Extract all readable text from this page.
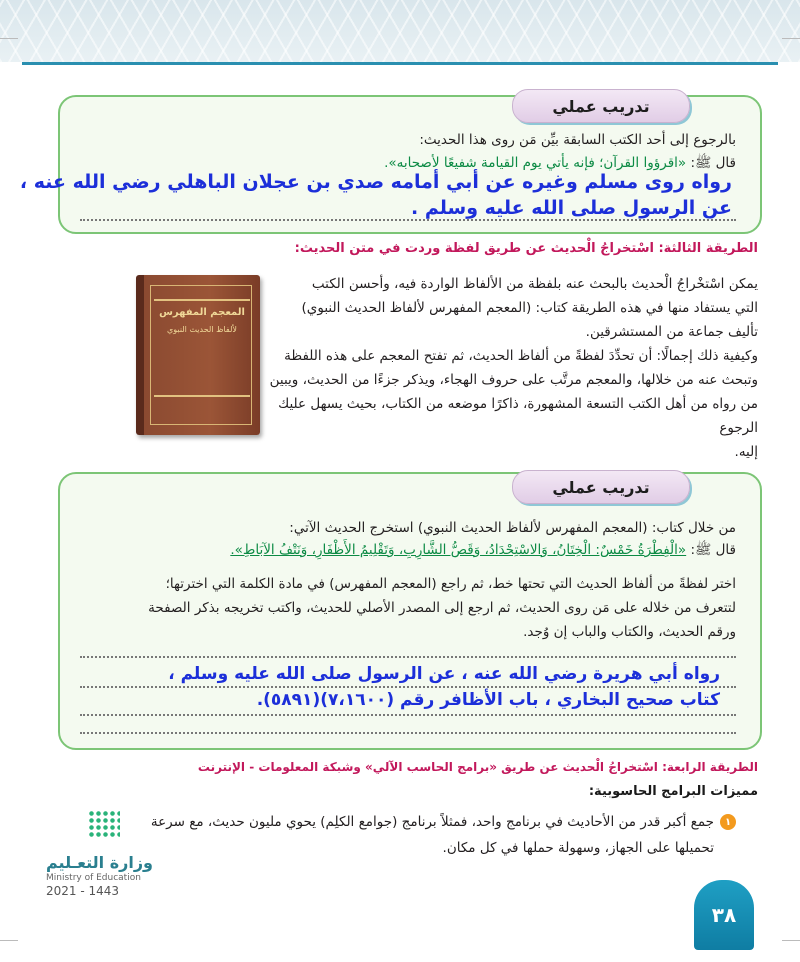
تدريب عملي
بالرجوع إلى أحد الكتب السابقة بيِّن مَن روى هذا الحديث:
قال ﷺ: «اقرؤوا القرآن؛ فإنه يأتي يوم القيامة شفيعًا لأصحابه».
رواه روى مسلم وغيره عن أبي أمامه صدي بن عجلان الباهلي رضي الله عنه ،
عن الرسول صلى الله عليه وسلم .
الطريقة الثالثة: اسْتخراجُ الْحديث عن طريق لفظة وردت في متن الحديث:
يمكن اسْتخْراجُ الْحديث بالبحث عنه بلفظة من الألفاظ الواردة فيه، وأحسن الكتب
التي يستفاد منها في هذه الطريقة كتاب: (المعجم المفهرس لألفاظ الحديث النبوي)
تأليف جماعة من المستشرقين.
وكيفية ذلك إجمالًا: أن تحدِّدَ لفظةً من ألفاظ الحديث، ثم تفتح المعجم على هذه اللفظة
وتبحث عنه من خلالها، والمعجم مرتَّب على حروف الهجاء، ويذكر جزءًا من الحديث، ويبين
من رواه من أهل الكتب التسعة المشهورة، ذاكرًا موضعه من الكتاب، بحيث يسهل عليك الرجوع
إليه.
المعجم المفهرس
لألفاظ الحديث النبوي
تدريب عملي
من خلال كتاب: (المعجم المفهرس لألفاظ الحديث النبوي) استخرج الحديث الآتي:
قال ﷺ: «الْفِطْرَةُ خَمْسٌ: الْخِتَانُ، وَالاسْتِحْدَادُ، وَقَصُّ الشَّارِبِ، وَتَقْلِيمُ الأَظْفَارِ، وَنَتْفُ الآبَاطِ».
اختر لفظةً من ألفاظ الحديث التي تحتها خط، ثم راجع (المعجم المفهرس) في مادة الكلمة التي اخترتها؛
لتتعرف من خلاله على مَن روى الحديث، ثم ارجع إلى المصدر الأصلي للحديث، واكتب تخريجه بذكر الصفحة
ورقم الحديث، والكتاب والباب إن وُجد.
رواه أبي هريرة رضي الله عنه ، عن الرسول صلى الله عليه وسلم ،
كتاب صحيح البخاري ، باب الأظافر رقم (٧،١٦٠٠)(٥٨٩١).
الطريقة الرابعة: اسْتخراجُ الْحديث عن طريق «برامج الحاسب الآلي» وشبكة المعلومات - الإنترنت
مميزات البرامج الحاسوبية:
١
جمع أكبر قدر من الأحاديث في برنامج واحد، فمثلاً برنامج (جوامع الكلِم) يحوي مليون حديث، مع سرعة
تحميلها على الجهاز، وسهولة حملها في كل مكان.
وزارة التعـليم
Ministry of Education
2021 - 1443
٣٨
